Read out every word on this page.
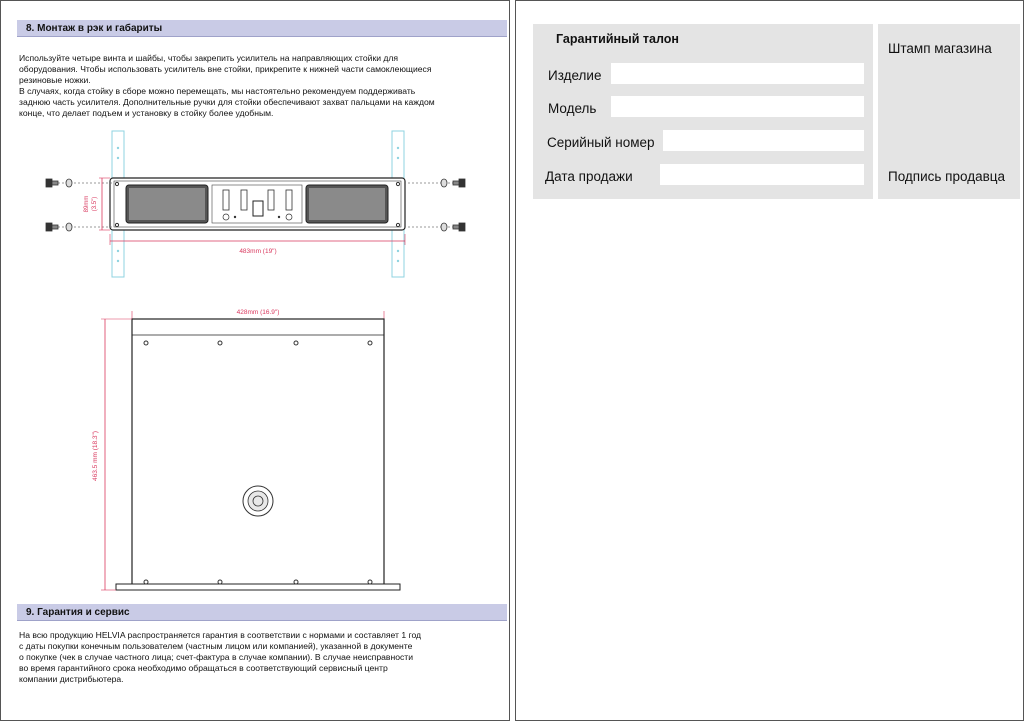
8. Монтаж в рэк и габариты
Используйте четыре винта и шайбы, чтобы закрепить усилитель на направляющих стойки для
оборудования. Чтобы использовать усилитель вне стойки, прикрепите к нижней части самоклеющиеся
резиновые ножки.
В случаях, когда стойку в сборе можно перемещать, мы настоятельно рекомендуем поддерживать
заднюю часть усилителя. Дополнительные ручки для стойки обеспечивают захват пальцами на каждом
конце, что делает подъем и установку в стойку более удобным.
89mm (3.5")
483mm (19")
428mm (16.9")
463.5 mm (18.3")
9. Гарантия и сервис
На всю продукцию HELVIA распространяется гарантия в соответствии с нормами и составляет 1 год
с даты покупки конечным пользователем (частным лицом или компанией), указанной в документе
о покупке (чек в случае частного лица; счет-фактура в случае компании). В случае неисправности
во время гарантийного срока необходимо обращаться в соответствующий сервисный центр
компании дистрибьютера.
Гарантийный талон
Изделие
Модель
Серийный номер
Дата продажи
Штамп магазина
Подпись продавца
